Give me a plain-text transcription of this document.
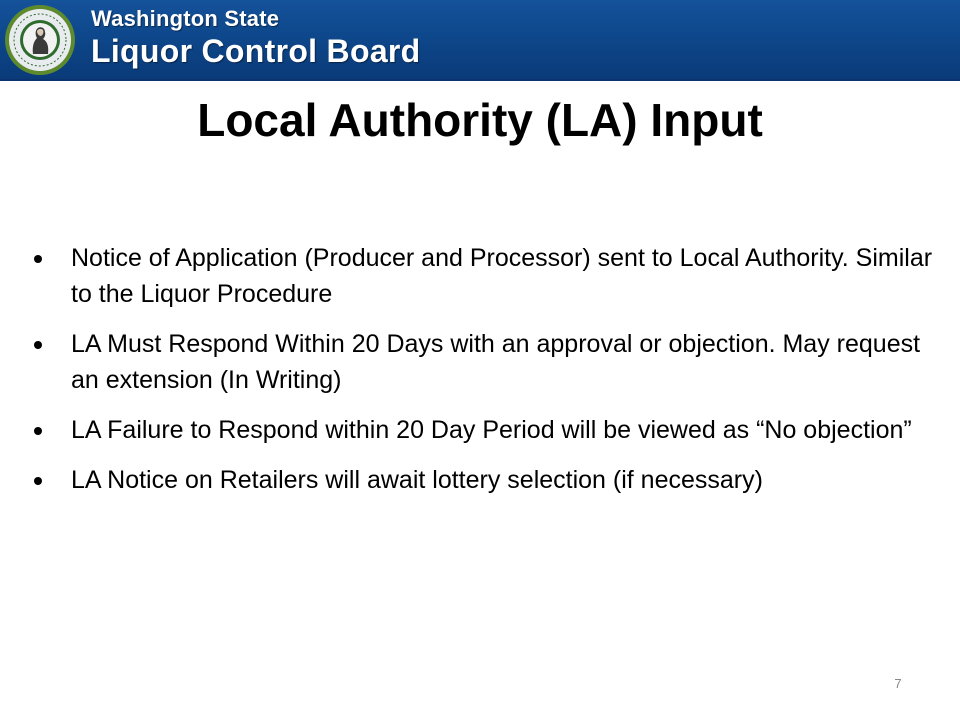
Washington State
Liquor Control Board
Local Authority (LA) Input
Notice of Application (Producer and Processor) sent to Local Authority. Similar to the Liquor Procedure
LA Must Respond Within 20 Days with an approval or objection. May request an extension (In Writing)
LA Failure to Respond within 20 Day Period will be viewed as “No objection”
LA Notice on Retailers will await lottery selection (if necessary)
7
